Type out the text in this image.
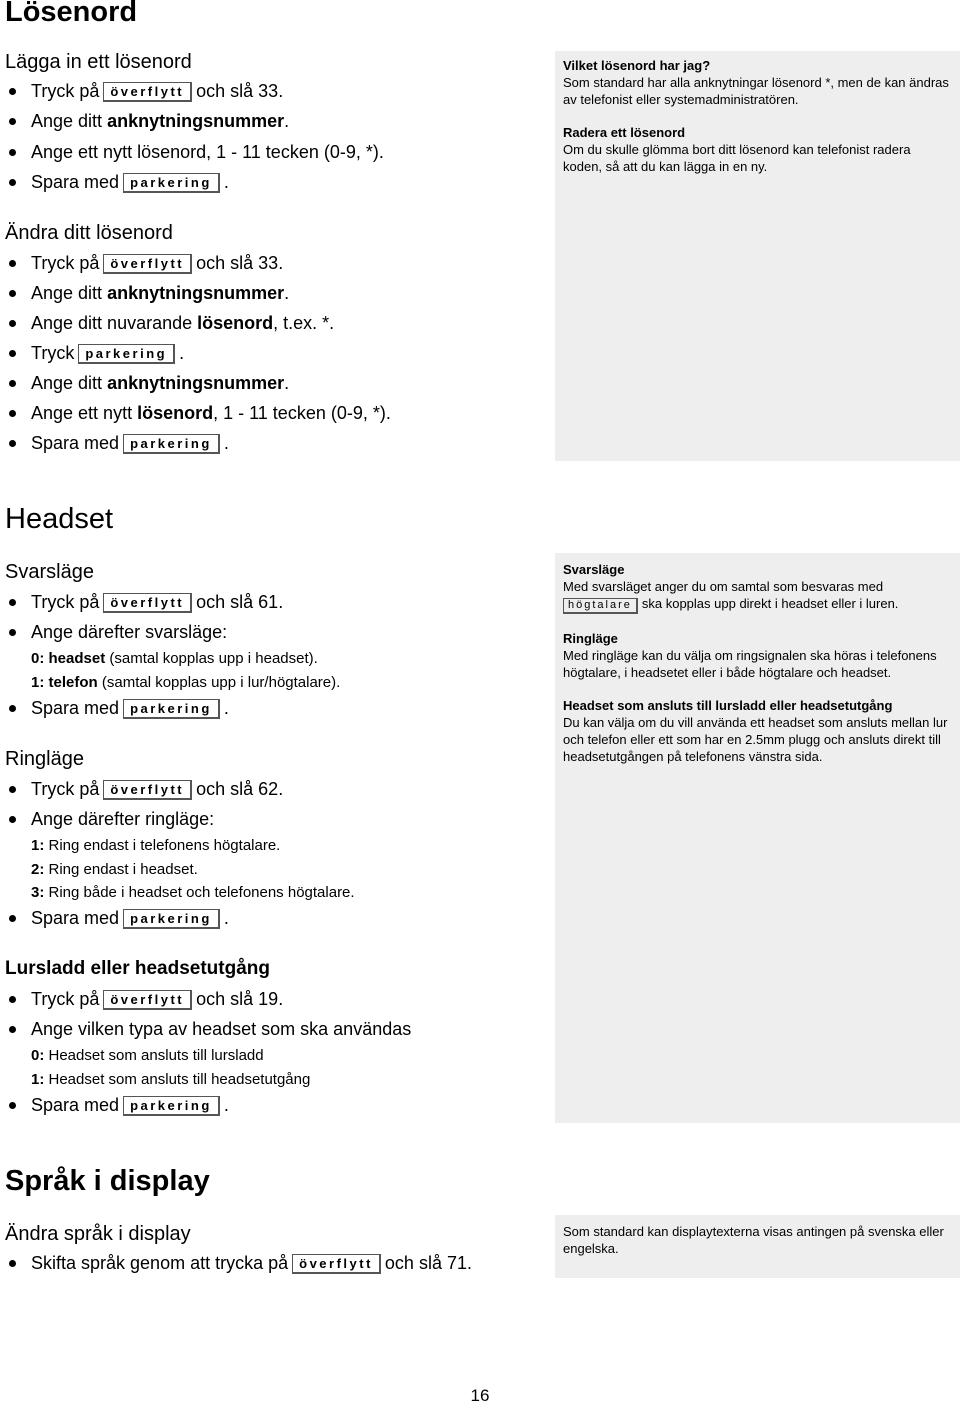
Lösenord
Lägga in ett lösenord
Tryck på överflytt och slå 33.
Ange ditt anknytningsnummer.
Ange ett nytt lösenord, 1 - 11 tecken (0-9, *).
Spara med parkering .
Ändra ditt lösenord
Tryck på överflytt och slå 33.
Ange ditt anknytningsnummer.
Ange ditt nuvarande lösenord, t.ex. *.
Tryck parkering .
Ange ditt anknytningsnummer.
Ange ett nytt lösenord, 1 - 11 tecken (0-9, *).
Spara med parkering .

Vilket lösenord har jag?

Som standard har alla anknytningar lösenord *, men de kan ändras av telefonist eller systemadministratören.

Radera ett lösenord

Om du skulle glömma bort ditt lösenord kan telefonist radera koden, så att du kan lägga in en ny.

Headset
Svarsläge
Tryck på överflytt och slå 61.
Ange därefter svarsläge:
0: headset (samtal kopplas upp i headset).
1: telefon (samtal kopplas upp i lur/högtalare).
Spara med parkering .
Ringläge
Tryck på överflytt och slå 62.
Ange därefter ringläge:
1: Ring endast i telefonens högtalare.
2: Ring endast i headset.
3: Ring både i headset och telefonens högtalare.
Spara med parkering .
Lursladd eller headsetutgång
Tryck på överflytt och slå 19.
Ange vilken typa av headset som ska användas
0: Headset som ansluts till lursladd
1: Headset som ansluts till headsetutgång
Spara med parkering .

Svarsläge

Med svarsläget anger du om samtal som besvaras med
högtalare ska kopplas upp direkt i headset eller i luren.

Ringläge

Med ringläge kan du välja om ringsignalen ska höras i telefonens högtalare, i headsetet eller i både högtalare och headset.

Headset som ansluts till lursladd eller headsetutgång

Du kan välja om du vill använda ett headset som ansluts mellan lur och telefon eller ett som har en 2.5mm plugg och ansluts direkt till headsetutgången på telefonens vänstra sida.

Språk i display
Ändra språk i display
Skifta språk genom att trycka på överflytt och slå 71.

Som standard kan displaytexterna visas antingen på svenska eller engelska.

16
